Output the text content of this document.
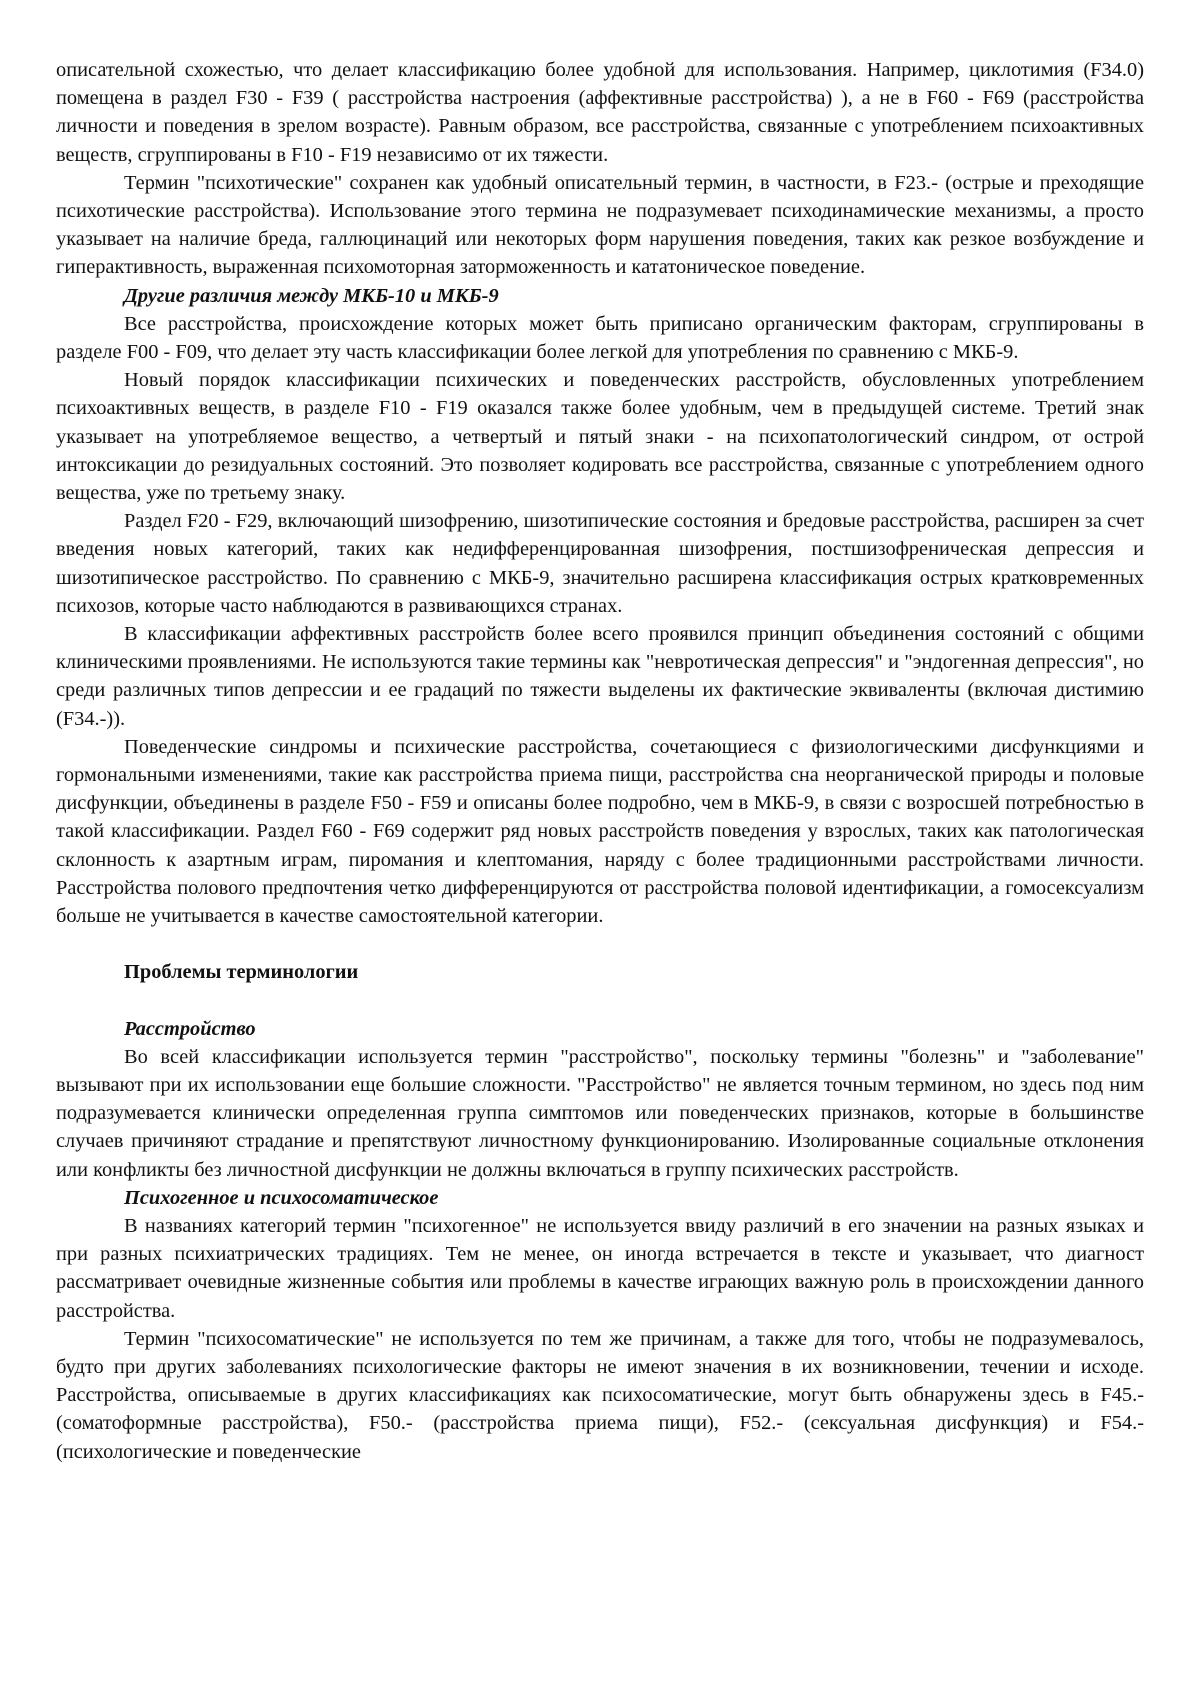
описательной схожестью, что делает классификацию более удобной для использования. Например, циклотимия (F34.0) помещена в раздел F30 - F39 ( расстройства настроения (аффективные расстройства) ), а не в F60 - F69 (расстройства личности и поведения в зрелом возрасте). Равным образом, все расстройства, связанные с употреблением психоактивных веществ, сгруппированы в F10 - F19 независимо от их тяжести.

Термин "психотические" сохранен как удобный описательный термин, в частности, в F23.- (острые и преходящие психотические расстройства). Использование этого термина не подразумевает психодинамические механизмы, а просто указывает на наличие бреда, галлюцинаций или некоторых форм нарушения поведения, таких как резкое возбуждение и гиперактивность, выраженная психомоторная заторможенность и кататоническое поведение.

Другие различия между МКБ-10 и МКБ-9

Все расстройства, происхождение которых может быть приписано органическим факторам, сгруппированы в разделе F00 - F09, что делает эту часть классификации более легкой для употребления по сравнению с МКБ-9.

Новый порядок классификации психических и поведенческих расстройств, обусловленных употреблением психоактивных веществ, в разделе F10 - F19 оказался также более удобным, чем в предыдущей системе. Третий знак указывает на употребляемое вещество, а четвертый и пятый знаки - на психопатологический синдром, от острой интоксикации до резидуальных состояний. Это позволяет кодировать все расстройства, связанные с употреблением одного вещества, уже по третьему знаку.

Раздел F20 - F29, включающий шизофрению, шизотипические состояния и бредовые расстройства, расширен за счет введения новых категорий, таких как недифференцированная шизофрения, постшизофреническая депрессия и шизотипическое расстройство. По сравнению с МКБ-9, значительно расширена классификация острых кратковременных психозов, которые часто наблюдаются в развивающихся странах.

В классификации аффективных расстройств более всего проявился принцип объединения состояний с общими клиническими проявлениями. Не используются такие термины как "невротическая депрессия" и "эндогенная депрессия", но среди различных типов депрессии и ее градаций по тяжести выделены их фактические эквиваленты (включая дистимию (F34.-)).

Поведенческие синдромы и психические расстройства, сочетающиеся с физиологическими дисфункциями и гормональными изменениями, такие как расстройства приема пищи, расстройства сна неорганической природы и половые дисфункции, объединены в разделе F50 - F59 и описаны более подробно, чем в МКБ-9, в связи с возросшей потребностью в такой классификации. Раздел F60 - F69 содержит ряд новых расстройств поведения у взрослых, таких как патологическая склонность к азартным играм, пиромания и клептомания, наряду с более традиционными расстройствами личности. Расстройства полового предпочтения четко дифференцируются от расстройства половой идентификации, а гомосексуализм больше не учитывается в качестве самостоятельной категории.

Проблемы терминологии
Расстройство

Во всей классификации используется термин "расстройство", поскольку термины "болезнь" и "заболевание" вызывают при их использовании еще большие сложности. "Расстройство" не является точным термином, но здесь под ним подразумевается клинически определенная группа симптомов или поведенческих признаков, которые в большинстве случаев причиняют страдание и препятствуют личностному функционированию. Изолированные социальные отклонения или конфликты без личностной дисфункции не должны включаться в группу психических расстройств.

Психогенное и психосоматическое

В названиях категорий термин "психогенное" не используется ввиду различий в его значении на разных языках и при разных психиатрических традициях. Тем не менее, он иногда встречается в тексте и указывает, что диагност рассматривает очевидные жизненные события или проблемы в качестве играющих важную роль в происхождении данного расстройства.

Термин "психосоматические" не используется по тем же причинам, а также для того, чтобы не подразумевалось, будто при других заболеваниях психологические факторы не имеют значения в их возникновении, течении и исходе. Расстройства, описываемые в других классификациях как психосоматические, могут быть обнаружены здесь в F45.- (соматоформные расстройства), F50.- (расстройства приема пищи), F52.- (сексуальная дисфункция) и F54.- (психологические и поведенческие
